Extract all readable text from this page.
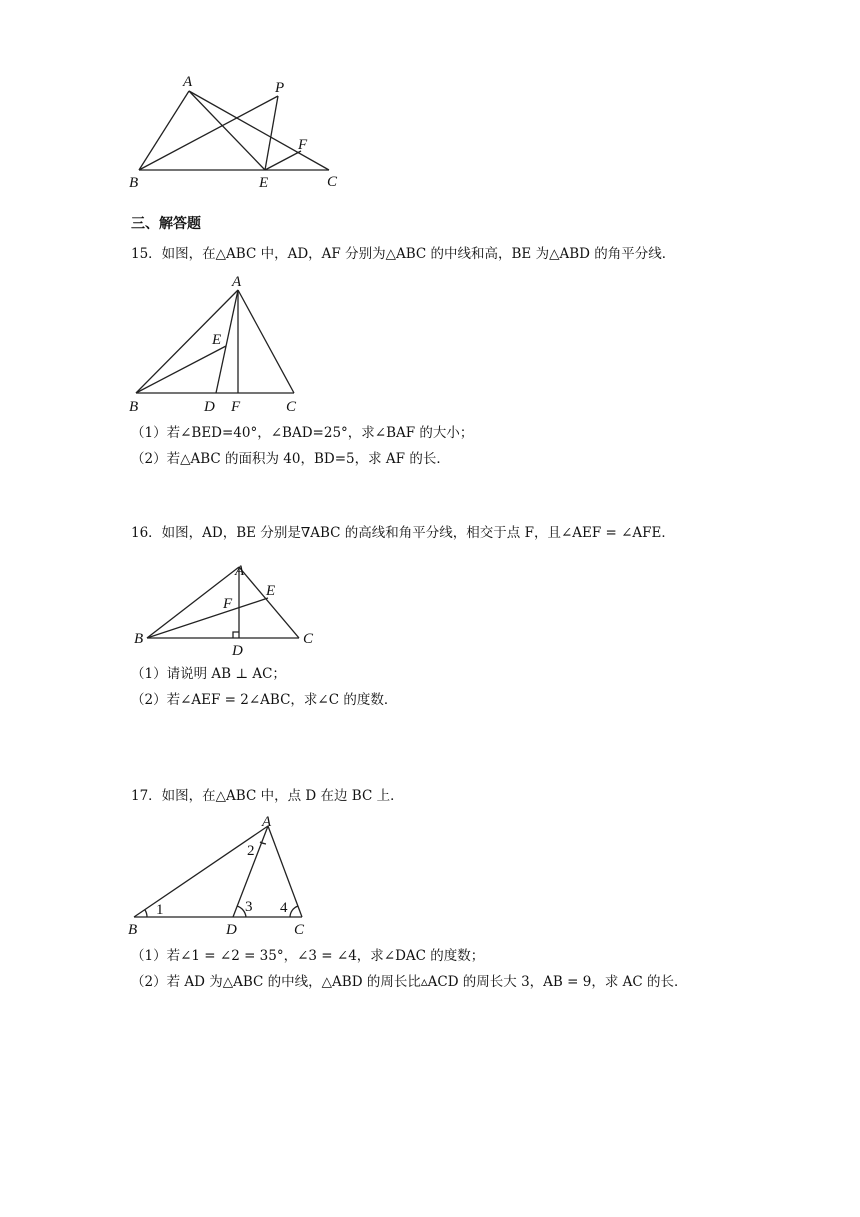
A	P
F
B	E	C
三、解答题
15．如图，在△ABC 中，AD，AF 分别为△ABC 的中线和高，BE 为△ABD 的角平分线．
A
E
B	D F	C
（1）若∠BED=40°，∠BAD=25°，求∠BAF 的大小；
（2）若△ABC 的面积为 40，BD=5，求 AF 的长．
16．如图，AD，BE 分别是∇ABC 的高线和角平分线，相交于点 F，且∠AEF = ∠AFE．
A
E
F
B
D
C
（1）请说明 AB ⊥ AC；
（2）若∠AEF = 2∠ABC，求∠C 的度数．
17．如图，在△ABC 中，点 D 在边 BC 上．
A
2
1	3 4
B	D	C
（1）若∠1 = ∠2 = 35°，∠3 = ∠4，求∠DAC 的度数；
（2）若 AD 为△ABC 的中线，△ABD 的周长比▵ACD 的周长大 3，AB = 9，求 AC 的长．
